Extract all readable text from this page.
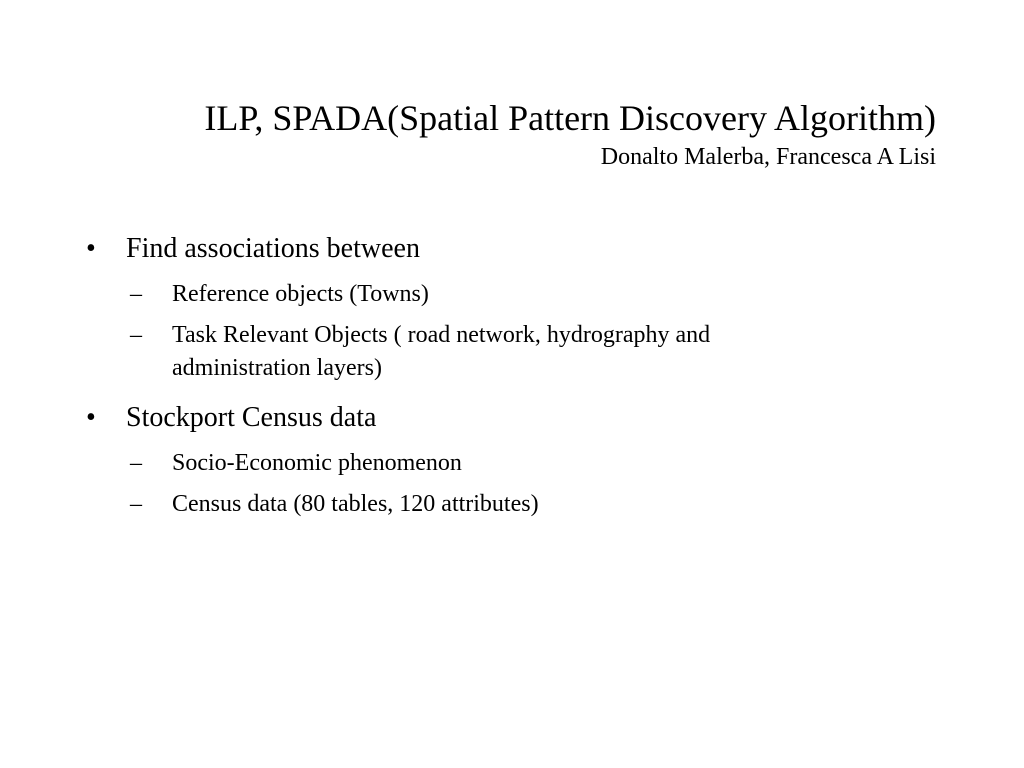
ILP, SPADA(Spatial Pattern Discovery Algorithm)
Donalto Malerba, Francesca A Lisi
•	Find associations between
–	Reference objects (Towns)
–	Task Relevant Objects ( road network, hydrography and administration layers)
•	Stockport Census data
–	Socio-Economic phenomenon
–	Census data (80 tables, 120 attributes)
